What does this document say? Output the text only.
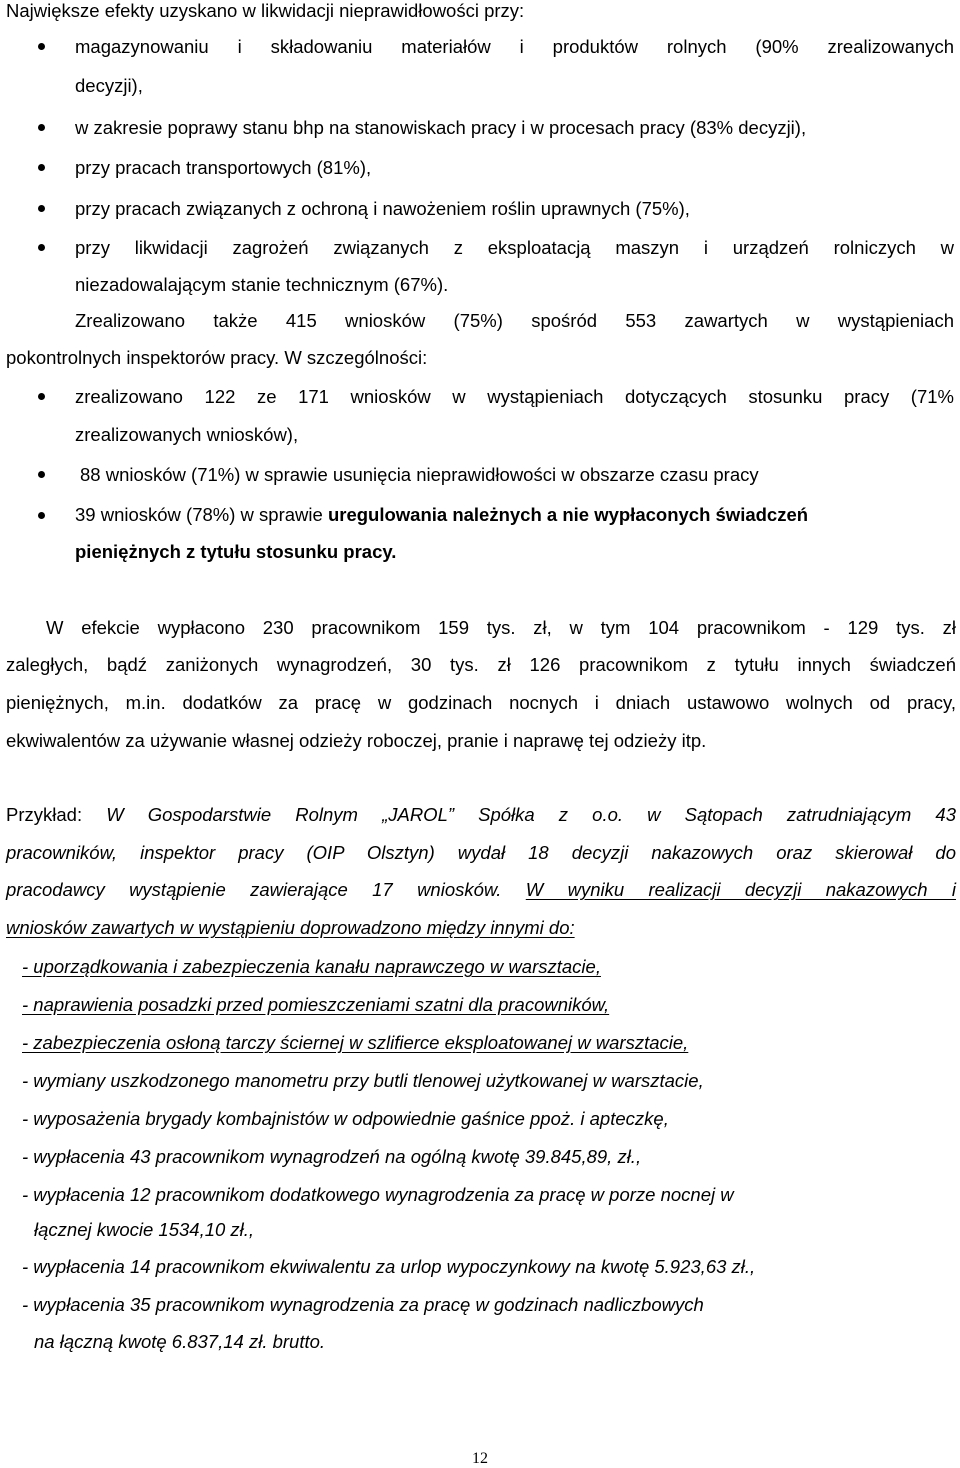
Największe efekty uzyskano w likwidacji nieprawidłowości przy:
magazynowaniu i składowaniu materiałów i produktów rolnych (90% zrealizowanych
decyzji),
w zakresie poprawy stanu bhp na stanowiskach pracy i w procesach pracy (83% decyzji),
przy pracach transportowych (81%),
przy pracach związanych z ochroną i nawożeniem roślin uprawnych (75%),
przy likwidacji zagrożeń związanych z eksploatacją maszyn i urządzeń rolniczych w
niezadowalającym stanie technicznym (67%).
Zrealizowano także 415 wniosków (75%) spośród 553 zawartych w wystąpieniach
pokontrolnych inspektorów pracy. W szczególności:
zrealizowano 122 ze 171 wniosków w wystąpieniach dotyczących stosunku pracy (71%
zrealizowanych wniosków),
88 wniosków (71%) w sprawie usunięcia nieprawidłowości w obszarze czasu pracy
39 wniosków (78%) w sprawie uregulowania należnych a nie wypłaconych świadczeń
pieniężnych z tytułu stosunku pracy.
W efekcie wypłacono 230 pracownikom 159 tys. zł, w tym 104 pracownikom - 129 tys. zł
zaległych, bądź zaniżonych wynagrodzeń, 30 tys. zł 126 pracownikom z tytułu innych świadczeń
pieniężnych, m.in. dodatków za pracę w godzinach nocnych i dniach ustawowo wolnych od pracy,
ekwiwalentów za używanie własnej odzieży roboczej, pranie i naprawę tej odzieży itp.
Przykład: W Gospodarstwie Rolnym „JAROL” Spółka z o.o. w Sątopach zatrudniającym 43
pracowników, inspektor pracy (OIP Olsztyn) wydał 18 decyzji nakazowych oraz skierował do
pracodawcy wystąpienie zawierające 17 wniosków. W wyniku realizacji decyzji nakazowych i
wniosków zawartych w wystąpieniu doprowadzono między innymi do:
- uporządkowania i zabezpieczenia kanału naprawczego w warsztacie,
- naprawienia posadzki przed pomieszczeniami szatni dla pracowników,
- zabezpieczenia osłoną tarczy ściernej w szlifierce eksploatowanej w warsztacie,
- wymiany uszkodzonego manometru przy butli tlenowej użytkowanej w warsztacie,
- wyposażenia brygady kombajnistów w odpowiednie gaśnice ppoż. i apteczkę,
- wypłacenia 43 pracownikom wynagrodzeń na ogólną kwotę 39.845,89, zł.,
- wypłacenia 12 pracownikom dodatkowego wynagrodzenia za pracę w porze nocnej w
łącznej kwocie 1534,10 zł.,
- wypłacenia 14 pracownikom ekwiwalentu za urlop wypoczynkowy na kwotę 5.923,63 zł.,
- wypłacenia 35 pracownikom wynagrodzenia za pracę w godzinach nadliczbowych
na łączną kwotę 6.837,14 zł. brutto.
12
